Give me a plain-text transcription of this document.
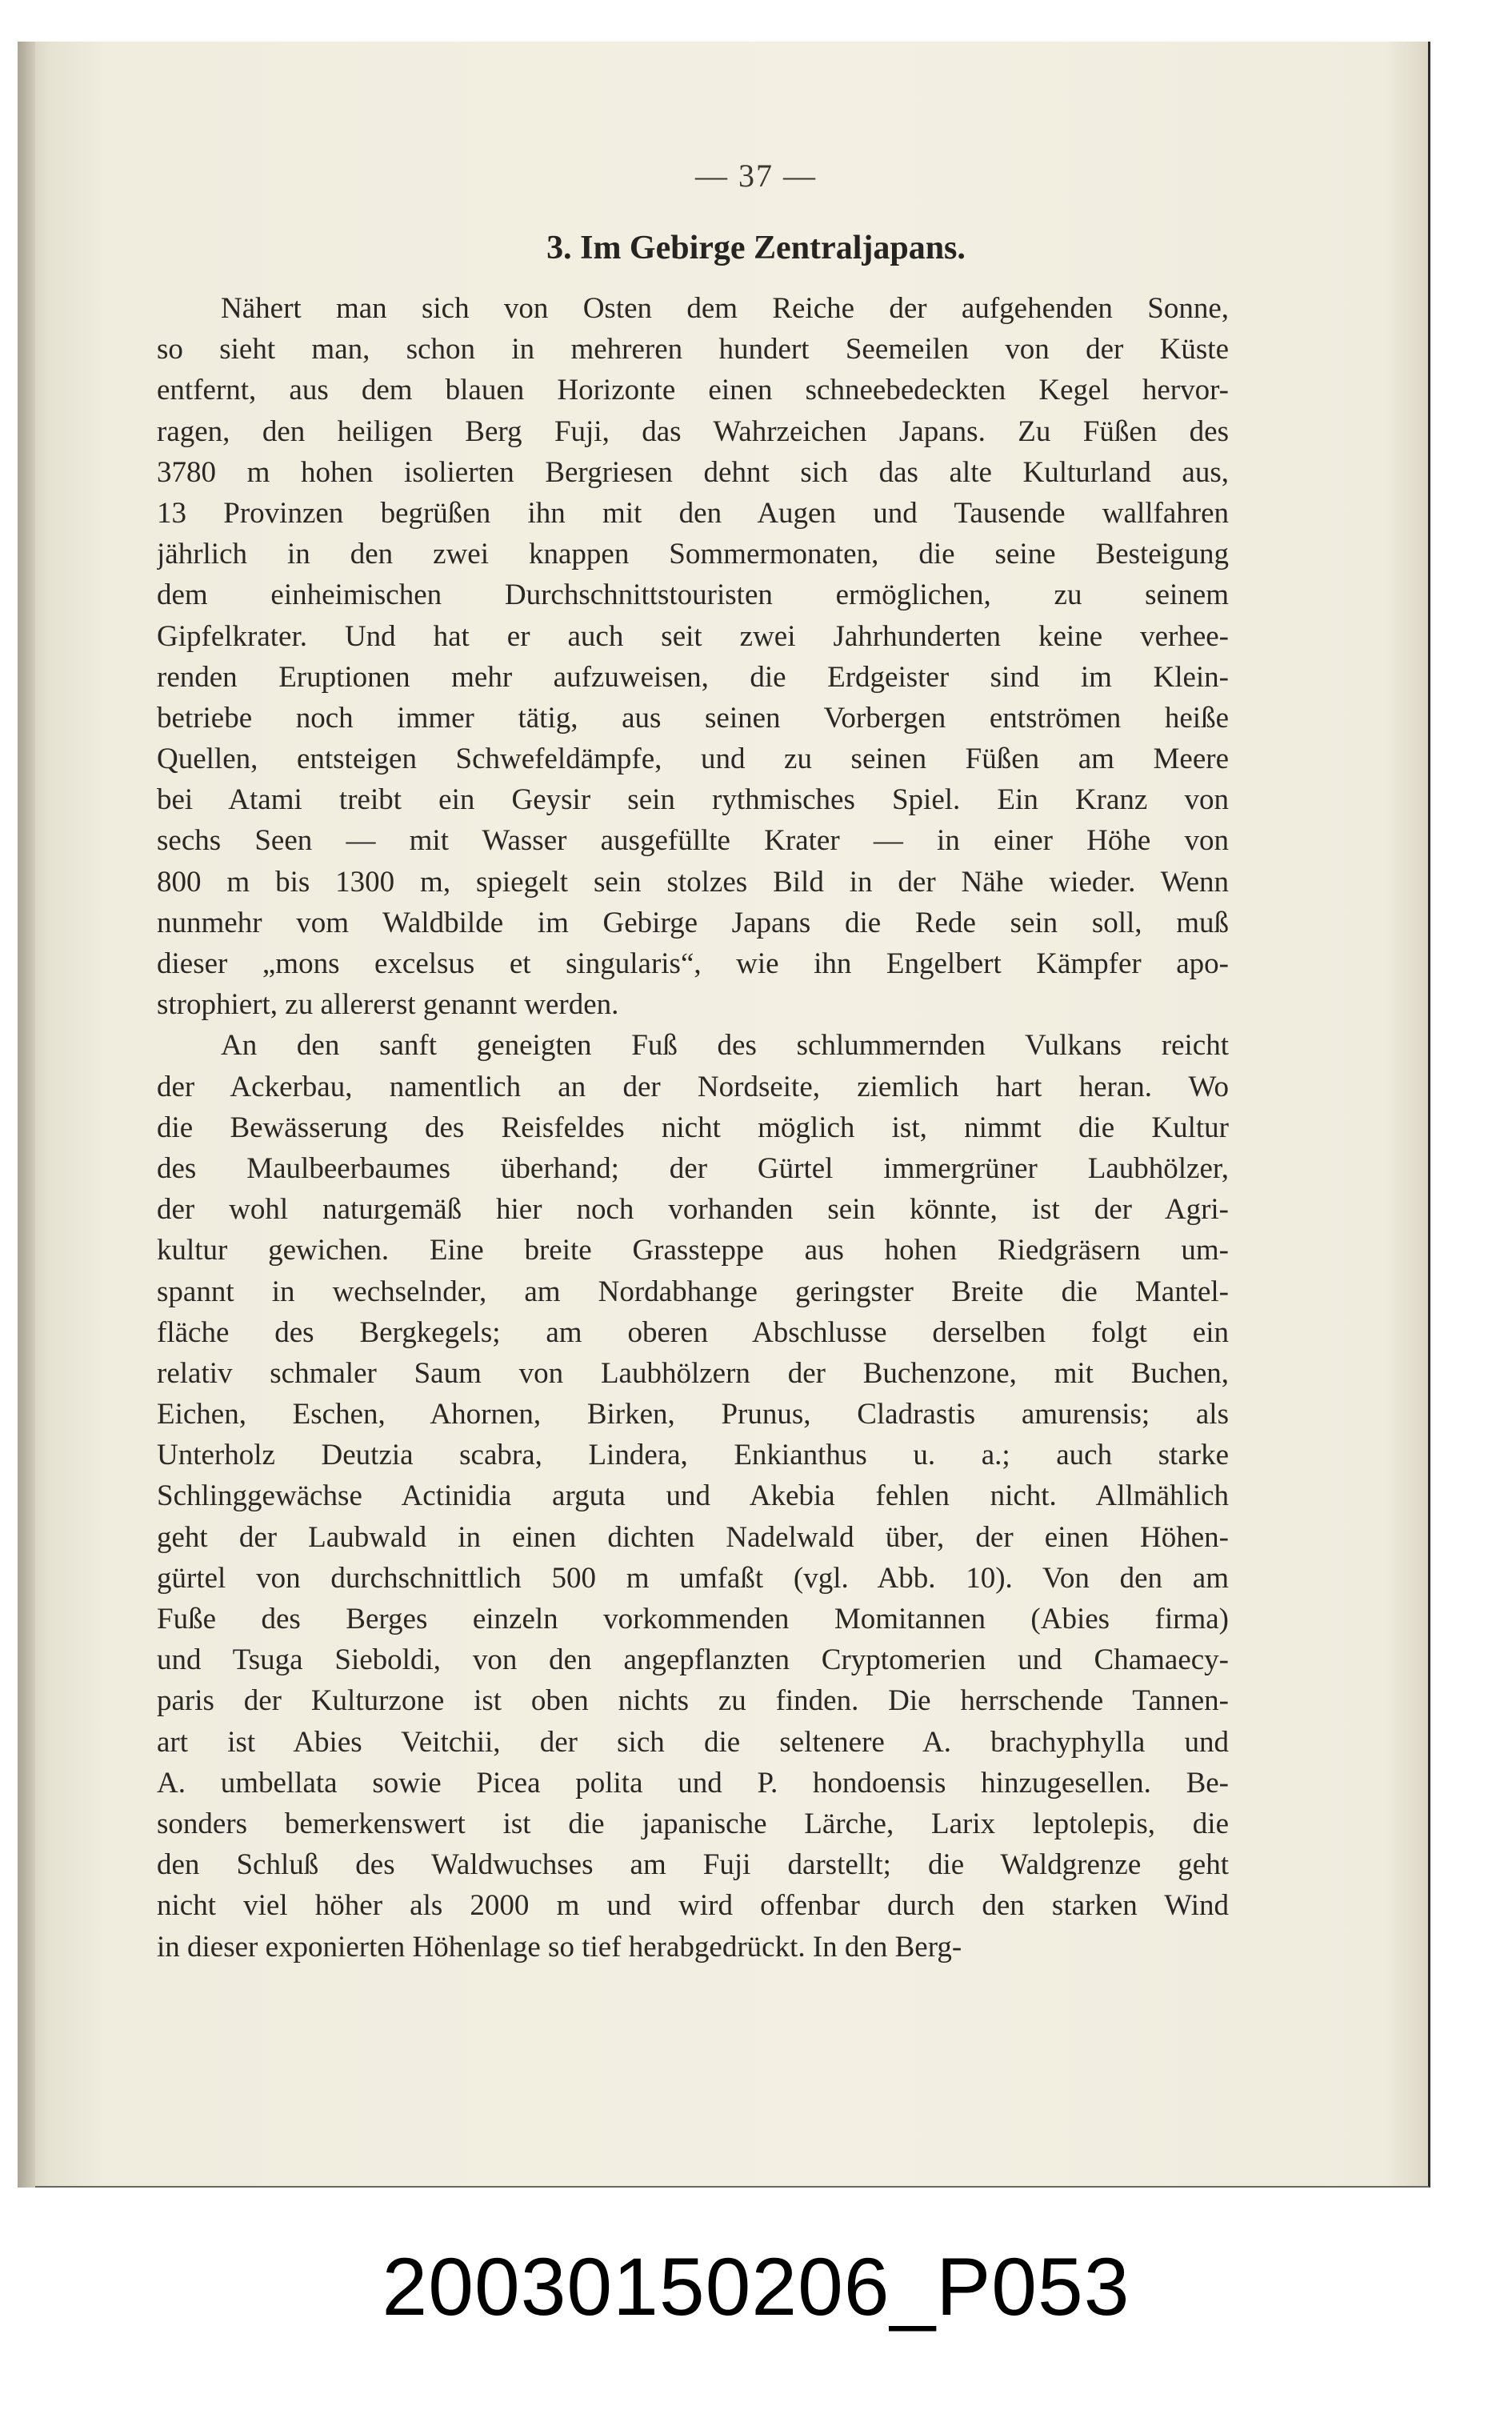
— 37 —
3. Im Gebirge Zentraljapans.
Nähert man sich von Osten dem Reiche der aufgehenden Sonne,
so sieht man, schon in mehreren hundert Seemeilen von der Küste
entfernt, aus dem blauen Horizonte einen schneebedeckten Kegel hervor-
ragen, den heiligen Berg Fuji, das Wahrzeichen Japans. Zu Füßen des
3780 m hohen isolierten Bergriesen dehnt sich das alte Kulturland aus,
13 Provinzen begrüßen ihn mit den Augen und Tausende wallfahren
jährlich in den zwei knappen Sommermonaten, die seine Besteigung
dem einheimischen Durchschnittstouristen ermöglichen, zu seinem
Gipfelkrater. Und hat er auch seit zwei Jahrhunderten keine verhee-
renden Eruptionen mehr aufzuweisen, die Erdgeister sind im Klein-
betriebe noch immer tätig, aus seinen Vorbergen entströmen heiße
Quellen, entsteigen Schwefeldämpfe, und zu seinen Füßen am Meere
bei Atami treibt ein Geysir sein rythmisches Spiel. Ein Kranz von
sechs Seen — mit Wasser ausgefüllte Krater — in einer Höhe von
800 m bis 1300 m, spiegelt sein stolzes Bild in der Nähe wieder. Wenn
nunmehr vom Waldbilde im Gebirge Japans die Rede sein soll, muß
dieser „mons excelsus et singularis“, wie ihn Engelbert Kämpfer apo-
strophiert, zu allererst genannt werden.
An den sanft geneigten Fuß des schlummernden Vulkans reicht
der Ackerbau, namentlich an der Nordseite, ziemlich hart heran. Wo
die Bewässerung des Reisfeldes nicht möglich ist, nimmt die Kultur
des Maulbeerbaumes überhand; der Gürtel immergrüner Laubhölzer,
der wohl naturgemäß hier noch vorhanden sein könnte, ist der Agri-
kultur gewichen. Eine breite Grassteppe aus hohen Riedgräsern um-
spannt in wechselnder, am Nordabhange geringster Breite die Mantel-
fläche des Bergkegels; am oberen Abschlusse derselben folgt ein
relativ schmaler Saum von Laubhölzern der Buchenzone, mit Buchen,
Eichen, Eschen, Ahornen, Birken, Prunus, Cladrastis amurensis; als
Unterholz Deutzia scabra, Lindera, Enkianthus u. a.; auch starke
Schlinggewächse Actinidia arguta und Akebia fehlen nicht. Allmählich
geht der Laubwald in einen dichten Nadelwald über, der einen Höhen-
gürtel von durchschnittlich 500 m umfaßt (vgl. Abb. 10). Von den am
Fuße des Berges einzeln vorkommenden Momitannen (Abies firma)
und Tsuga Sieboldi, von den angepflanzten Cryptomerien und Chamaecy-
paris der Kulturzone ist oben nichts zu finden. Die herrschende Tannen-
art ist Abies Veitchii, der sich die seltenere A. brachyphylla und
A. umbellata sowie Picea polita und P. hondoensis hinzugesellen. Be-
sonders bemerkenswert ist die japanische Lärche, Larix leptolepis, die
den Schluß des Waldwuchses am Fuji darstellt; die Waldgrenze geht
nicht viel höher als 2000 m und wird offenbar durch den starken Wind
in dieser exponierten Höhenlage so tief herabgedrückt. In den Berg-
20030150206_P053
